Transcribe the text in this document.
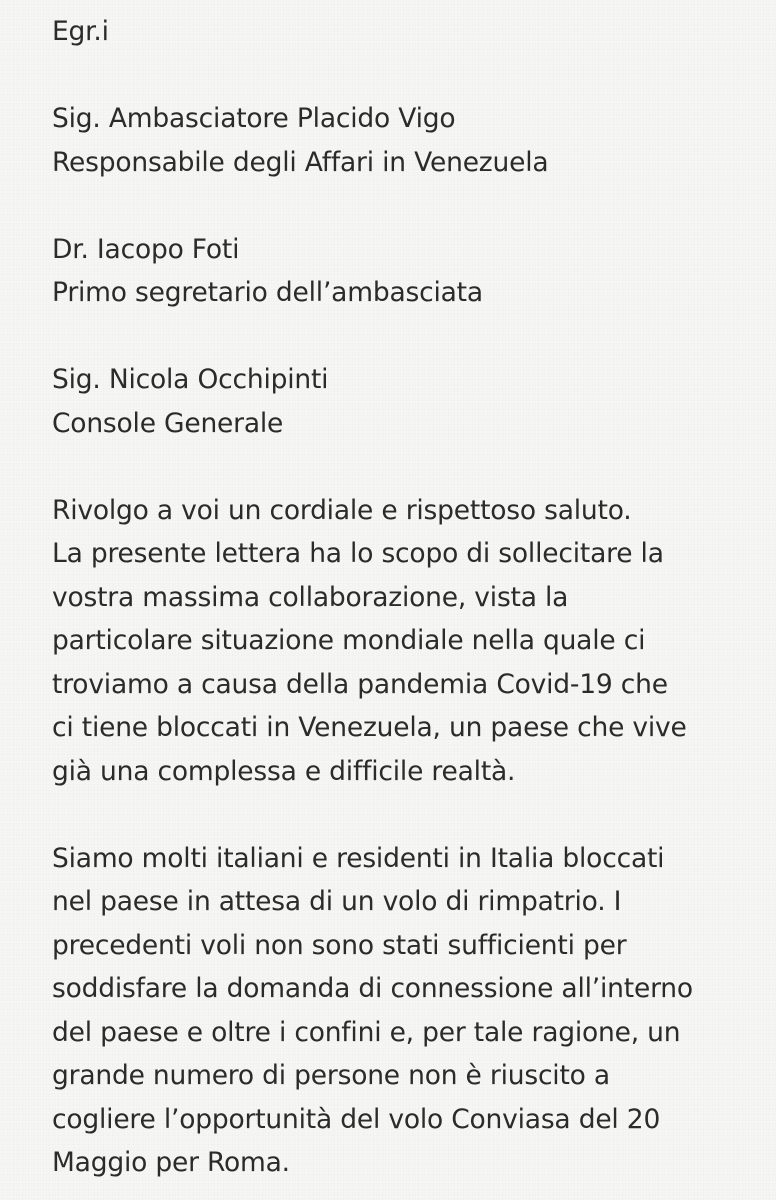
Egr.i
Sig. Ambasciatore Placido Vigo
Responsabile degli Affari in Venezuela
Dr. Iacopo Foti
Primo segretario dell’ambasciata
Sig. Nicola Occhipinti
Console Generale
Rivolgo a voi un cordiale e rispettoso saluto.
La presente lettera ha lo scopo di sollecitare la
vostra massima collaborazione, vista la
particolare situazione mondiale nella quale ci
troviamo a causa della pandemia Covid-19 che
ci tiene bloccati in Venezuela, un paese che vive
già una complessa e difficile realtà.
Siamo molti italiani e residenti in Italia bloccati
nel paese in attesa di un volo di rimpatrio. I
precedenti voli non sono stati sufficienti per
soddisfare la domanda di connessione all’interno
del paese e oltre i confini e, per tale ragione, un
grande numero di persone non è riuscito a
cogliere l’opportunità del volo Conviasa del 20
Maggio per Roma.
